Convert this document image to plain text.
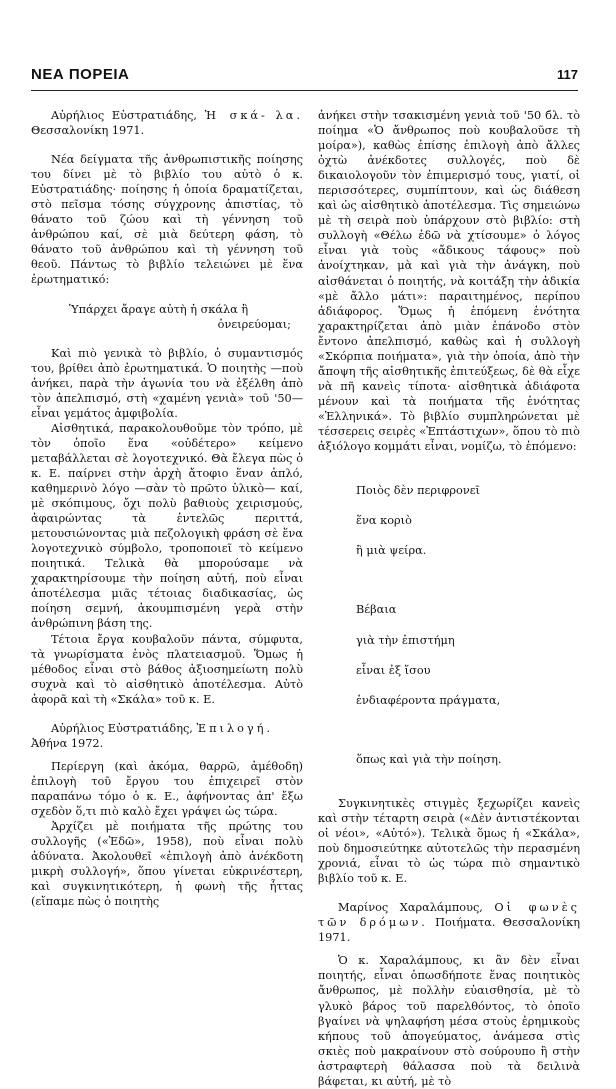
ΝΕΑ ΠΟΡΕΙΑ	117

Αὐρήλιος Εὐστρατιάδης, Ἡ σκά- λα. Θεσσαλονίκη 1971.

Νέα δείγματα τῆς ἀνθρωπιστικῆς ποίησης του δίνει μὲ τὸ βιβλίο του αὐτὸ ὁ κ. Εὐστρατιάδης· ποίησης ἡ ὁποία δραματίζεται, στὸ πεῖσμα τόσης σύγχρονης ἀπιστίας, τὸ θάνατο τοῦ ζώου καὶ τὴ γέννηση τοῦ ἀνθρώπου καί, σὲ μιὰ δεύτερη φάση, τὸ θάνατο τοῦ ἀνθρώπου καὶ τὴ γέννηση τοῦ θεοῦ. Πάντως τὸ βιβλίο τελειώνει μὲ ἕνα ἐρωτηματικό:

Ὑπάρχει ἄραγε αὐτὴ ἡ σκάλα ἢ
ὀνειρεύομαι;

Καὶ πιὸ γενικὰ τὸ βιβλίο, ὁ συμαντισμός του, βρίθει ἀπὸ ἐρωτηματικά. Ὁ ποιητὴς —ποὺ ἀνήκει, παρὰ τὴν ἀγωνία του νὰ ἐξέλθη ἀπὸ τὸν ἀπελπισμό, στὴ «χαμένη γενιὰ» τοῦ '50— εἶναι γεμάτος ἀμφιβολία.

Αἰσθητικά, παρακολουθοῦμε τὸν τρόπο, μὲ τὸν ὁποῖο ἕνα «οὐδέτερο» κείμενο μεταβάλλεται σὲ λογοτεχνικό. Θὰ ἔλεγα πὼς ὁ κ. Ε. παίρνει στὴν ἀρχὴ ἄτοφιο ἕναν ἁπλό, καθημερινὸ λόγο —σὰν τὸ πρῶτο ὑλικὸ— καί, μὲ σκόπιμους, ὄχι πολὺ βαθιοὺς χειρισμούς, ἀφαιρώντας τὰ ἐντελῶς περιττά, μετουσιώνοντας μιὰ πεζολογικὴ φράση σὲ ἕνα λογοτεχνικὸ σύμβολο, τροποποιεῖ τὸ κείμενο ποιητικά. Τελικὰ θὰ μπορούσαμε νὰ χαρακτηρίσουμε τὴν ποίηση αὐτή, ποὺ εἶναι ἀποτέλεσμα μιᾶς τέτοιας διαδικασίας, ὡς ποίηση σεμνή, ἀκουμπισμένη γερὰ στὴν ἀνθρώπινη βάση της.

Τέτοια ἔργα κουβαλοῦν πάντα, σύμφυτα, τὰ γνωρίσματα ἑνὸς πλατειασμοῦ. Ὅμως ἡ μέθοδος εἶναι στὸ βάθος ἀξιοσημείωτη πολὺ συχνὰ καὶ τὸ αἰσθητικὸ ἀποτέλεσμα. Αὐτὸ ἀφορᾶ καὶ τὴ «Σκάλα» τοῦ κ. Ε.

Αὐρήλιος Εὐστρατιάδης, Ἐπιλογή.

Ἀθήνα 1972.

Περίεργη (καὶ ἀκόμα, θαρρῶ, ἀμέθοδη) ἐπιλογὴ τοῦ ἔργου του ἐπιχειρεῖ στὸν παραπάνω τόμο ὁ κ. Ε., ἀφήνοντας ἀπ' ἔξω σχεδὸν ὅ,τι πιὸ καλὸ ἔχει γράψει ὡς τώρα.

Ἀρχίζει μὲ ποιήματα τῆς πρώτης του συλλογῆς («Ἐδῶ», 1958), ποὺ εἶναι πολὺ ἀδύνατα. Ἀκολουθεῖ «ἐπιλογὴ ἀπὸ ἀνέκδοτη μικρὴ συλλογή», ὅπου γίνεται εὐκρινέστερη, καὶ συγκινητικότερη, ἡ φωνὴ τῆς ἧττας (εἴπαμε πὼς ὁ ποιητὴς

ἀνήκει στὴν τσακισμένη γενιὰ τοῦ '50 бλ. τὸ ποίημα «Ὁ ἄνθρωπος ποὺ κουβαλοῦσε τὴ μοίρα»), καθὼς ἐπίσης ἐπιλογὴ ἀπὸ ἄλλες ὀχτὼ ἀνέκδοτες συλλογές, ποὺ δὲ δικαιολογοῦν τὸν ἐπιμερισμό τους, γιατί, οἱ περισσότερες, συμπίπτουν, καὶ ὡς διάθεση καὶ ὡς αἰσθητικὸ ἀποτέλεσμα. Τὶς σημειώνω μὲ τὴ σειρὰ ποὺ ὑπάρχουν στὸ βιβλίο: στὴ συλλογὴ «Θέλω ἐδῶ νὰ χτίσουμε» ὁ λόγος εἶναι γιὰ τοὺς «ἄδικους τάφους» ποὺ ἀνοίχτηκαν, μὰ καὶ γιὰ τὴν ἀνάγκη, ποὺ αἰσθάνεται ὁ ποιητής, νὰ κοιτάξη τὴν ἀδικία «μὲ ἄλλο μάτι»: παραιτημένος, περίπου ἀδιάφορος. Ὅμως ἡ ἑπόμενη ἑνότητα χαρακτηρίζεται ἀπὸ μιὰν ἐπάνοδο στὸν ἔντονο ἀπελπισμό, καθὼς καὶ ἡ συλλογὴ «Σκόρπια ποιήματα», γιὰ τὴν ὁποία, ἀπὸ τὴν ἄποψη τῆς αἰσθητικῆς ἐπιτεύξεως, δὲ θὰ εἶχε νὰ πῆ κανεὶς τίποτα· αἰσθητικὰ ἀδιάφοτα μένουν καὶ τὰ ποιήματα τῆς ἑνότητας «Ἑλληνικά». Τὸ βιβλίο συμπληρώνεται μὲ τέσσερεις σειρὲς «Ἐπτάστιχων», ὅπου τὸ πιὸ ἀξιόλογο κομμάτι εἶναι, νομίζω, τὸ ἑπόμενο:

Ποιὸς δὲν περιφρονεῖ

ἕνα κοριὸ

ἢ μιὰ ψείρα.

Βέβαια

γιὰ τὴν ἐπιστήμη

εἶναι ἐξ ἴσου

ἐνδιαφέροντα πράγματα,

ὅπως καὶ γιὰ τὴν ποίηση.

Συγκινητικὲς στιγμὲς ξεχωρίζει κανεὶς καὶ στὴν τέταρτη σειρὰ («Δὲν ἀντιστέκονται οἱ νέοι», «Αὐτό»). Τελικὰ ὅμως ἡ «Σκάλα», ποὺ δημοσιεύτηκε αὐτοτελῶς τὴν περασμένη χρονιά, εἶναι τὸ ὡς τώρα πιὸ σημαντικὸ βιβλίο τοῦ κ. Ε.

Μαρίνος Χαραλάμπους, Οἱ φωνὲς τῶν δρόμων. Ποιήματα. Θεσσαλονίκη 1971.

Ὁ κ. Χαραλάμπους, κι ἂν δὲν εἶναι ποιητής, εἶναι ὁπωσδήποτε ἕνας ποιητικὸς ἄνθρωπος, μὲ πολλὴν εὐαισθησία, μὲ τὸ γλυκὸ βάρος τοῦ παρελθόντος, τὸ ὁποῖο βγαίνει νὰ ψηλαφήση μέσα στοὺς ἐρημικοὺς κήπους τοῦ ἀπογεύματος, ἀνάμεσα στὶς σκιὲς ποὺ μακραίνουν στὸ σούρουπο ἢ στὴν ἀστραφτερὴ θάλασσα ποὺ τὰ δειλινὰ βάφεται, κι αὐτή, μὲ τὸ
